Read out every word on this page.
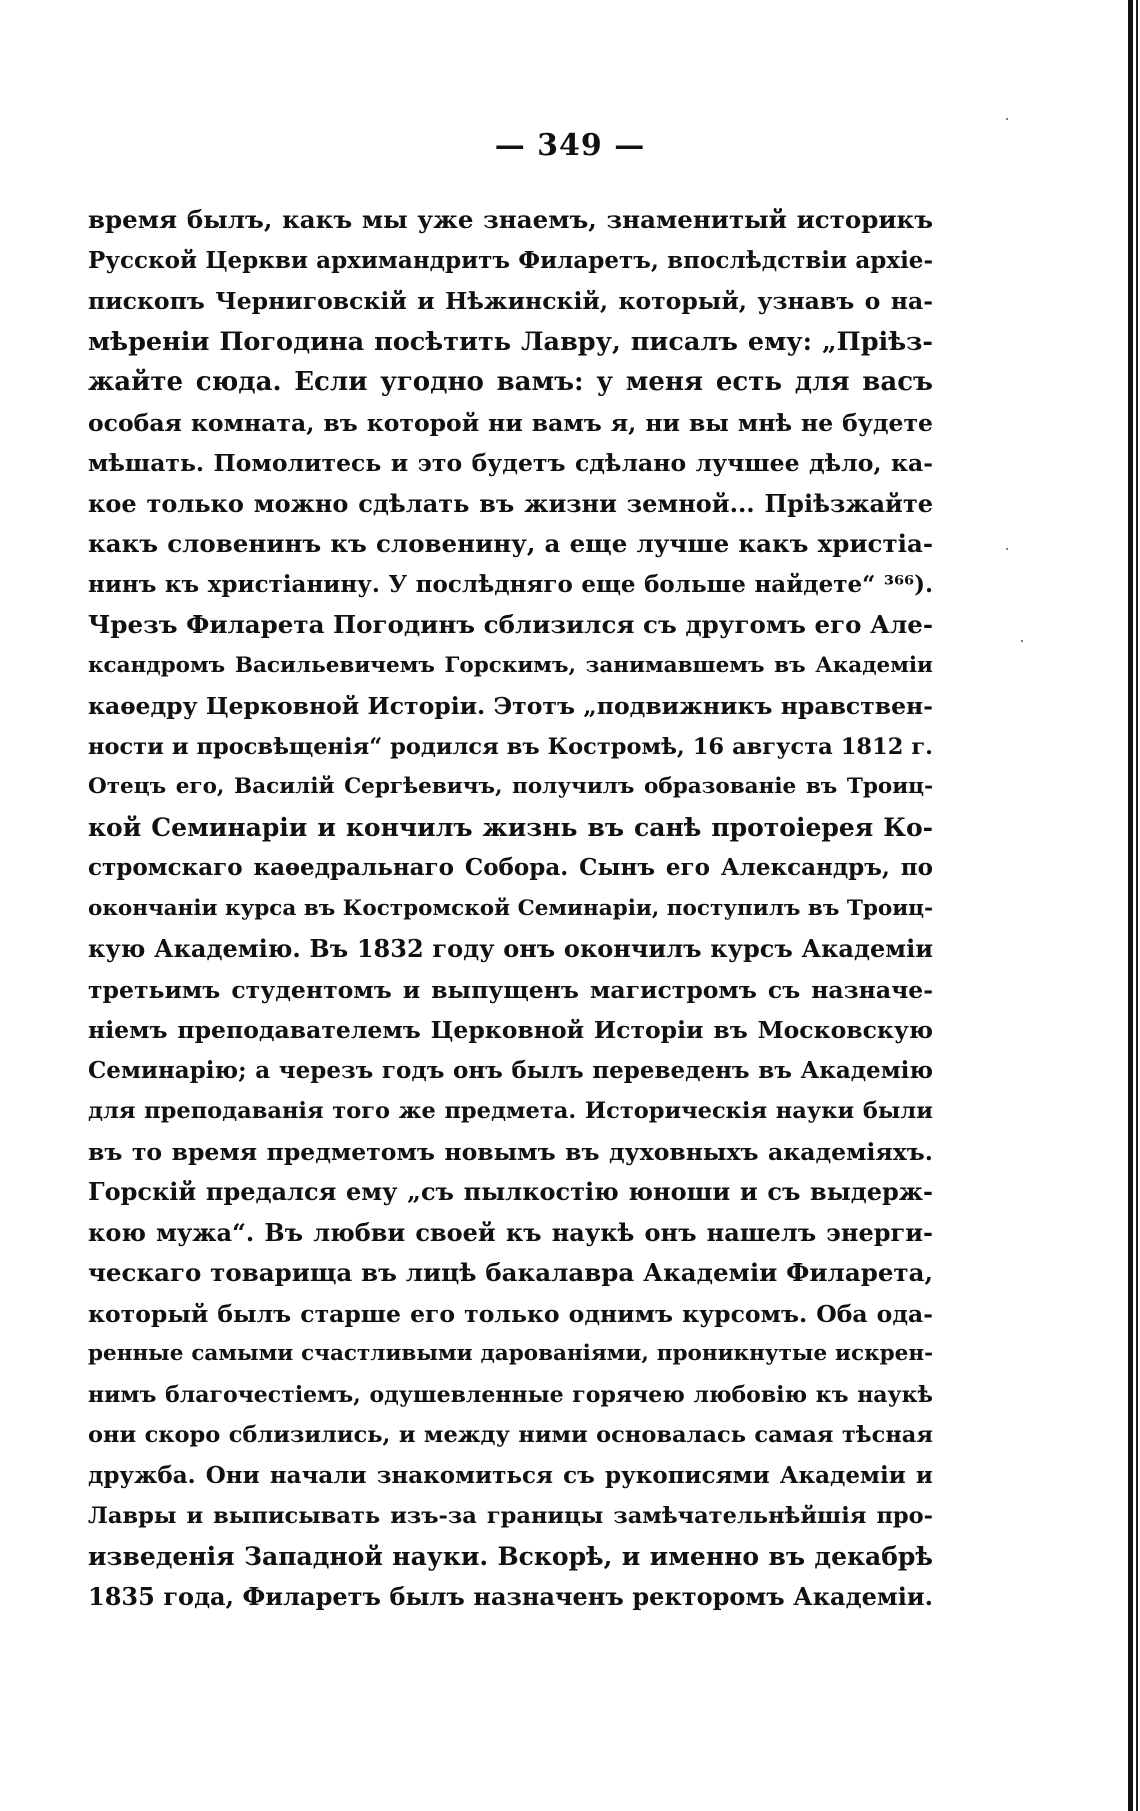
— 349 —
время былъ, какъ мы уже знаемъ, знаменитый историкъ
Русской Церкви архимандритъ Филаретъ, впослѣдствіи архіе-
пископъ Черниговскій и Нѣжинскій, который, узнавъ о на-
мѣреніи Погодина посѣтить Лавру, писалъ ему: „Пріѣз-
жайте сюда. Если угодно вамъ: у меня есть для васъ
особая комната, въ которой ни вамъ я, ни вы мнѣ не будете
мѣшать. Помолитесь и это будетъ сдѣлано лучшее дѣло, ка-
кое только можно сдѣлать въ жизни земной... Пріѣзжайте
какъ словенинъ къ словенину, а еще лучше какъ христіа-
нинъ къ христіанину. У послѣдняго еще больше найдете“ ³⁶⁶).
Чрезъ Филарета Погодинъ сблизился съ другомъ его Але-
ксандромъ Васильевичемъ Горскимъ, занимавшемъ въ Академіи
каѳедру Церковной Исторіи. Этотъ „подвижникъ нравствен-
ности и просвѣщенія“ родился въ Костромѣ, 16 августа 1812 г.
Отецъ его, Василій Сергѣевичъ, получилъ образованіе въ Троиц-
кой Семинаріи и кончилъ жизнь въ санѣ протоіерея Ко-
стромскаго каѳедральнаго Собора. Сынъ его Александръ, по
окончаніи курса въ Костромской Семинаріи, поступилъ въ Троиц-
кую Академію. Въ 1832 году онъ окончилъ курсъ Академіи
третьимъ студентомъ и выпущенъ магистромъ съ назначе-
ніемъ преподавателемъ Церковной Исторіи въ Московскую
Семинарію; а черезъ годъ онъ былъ переведенъ въ Академію
для преподаванія того же предмета. Историческія науки были
въ то время предметомъ новымъ въ духовныхъ академіяхъ.
Горскій предался ему „съ пылкостію юноши и съ выдерж-
кою мужа“. Въ любви своей къ наукѣ онъ нашелъ энерги-
ческаго товарища въ лицѣ бакалавра Академіи Филарета,
который былъ старше его только однимъ курсомъ. Оба ода-
ренные самыми счастливыми дарованіями, проникнутые искрен-
нимъ благочестіемъ, одушевленные горячею любовію къ наукѣ
они скоро сблизились, и между ними основалась самая тѣсная
дружба. Они начали знакомиться съ рукописями Академіи и
Лавры и выписывать изъ-за границы замѣчательнѣйшія про-
изведенія Западной науки. Вскорѣ, и именно въ декабрѣ
1835 года, Филаретъ былъ назначенъ ректоромъ Академіи.
